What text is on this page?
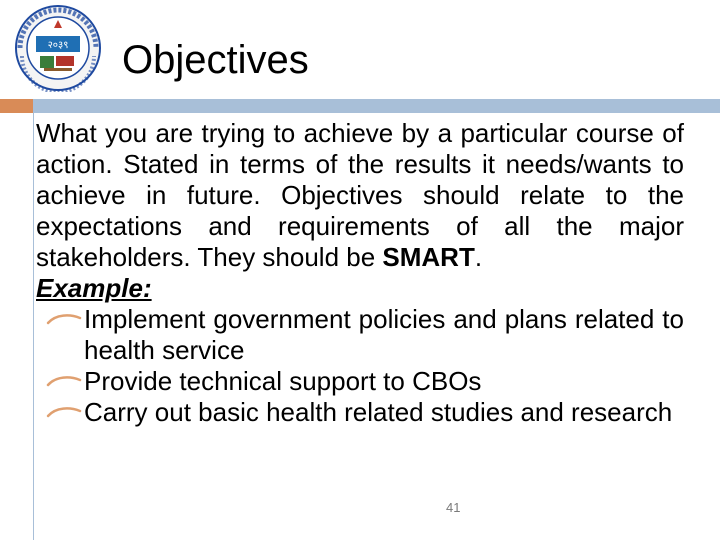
२०३९ Objectives

What you are trying to achieve by a particular course of action. Stated in terms of the results it needs/wants to achieve in future. Objectives should relate to the expectations and requirements of all the major stakeholders. They should be SMART.

Example:

Implement government policies and plans related to health service
Provide technical support to CBOs
Carry out basic health related studies and research
41
